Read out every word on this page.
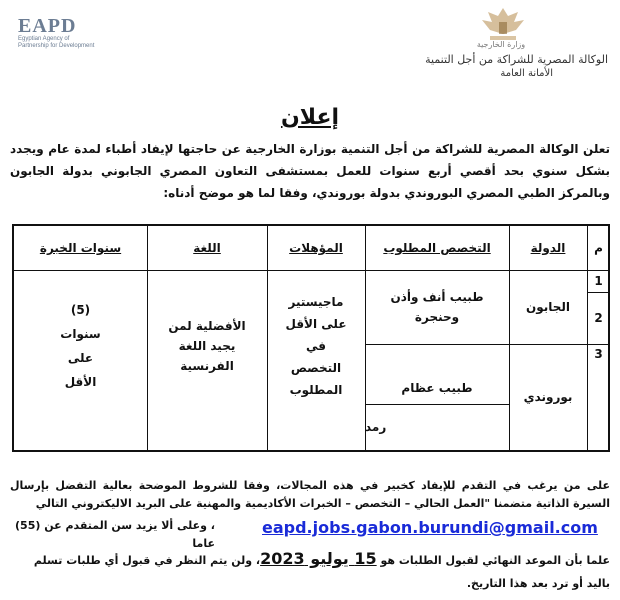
EAPD
Egyptian Agency of
Partnership for Development	وزارة الخارجية
الوكالة المصرية للشراكة من أجل التنمية
الأمانة العامة
إعلان
تعلن الوكالة المصرية للشراكة من أجل التنمية بوزارة الخارجية عن حاجتها لإيفاد أطباء لمدة عام ويجدد بشكل سنوي بحد أقصي أربع سنوات للعمل بمستشفى التعاون المصري الجابوني بدولة الجابون وبالمركز الطبي المصري البوروندي بدولة بوروندي، وفقا لما هو موضح أدناه:
م
الدولة
التخصص المطلوب
المؤهلات
اللغة
سنوات الخبرة
1
2
3
الجابون
بوروندي
طبيب أنف وأذن وحنجرة
طبيب عظام
رمد
ماجيستير على الأقل في التخصص المطلوب
الأفضلية لمن يجيد اللغة الفرنسية
(5) سنوات على الأقل
على من يرغب في التقدم للإيفاد كخبير في هذه المجالات، وفقا للشروط الموضحة بعالية التفضل بإرسال السيرة الذاتية متضمنا "العمل الحالي – التخصص – الخبرات الأكاديمية والمهنية على البريد الاليكتروني التالي
eapd.jobs.gabon.burundi@gmail.com
، وعلى ألا يزيد سن المتقدم عن (55) عاما
علما بأن الموعد النهائي لقبول الطلبات هو 15 يوليو 2023، ولن يتم النظر في قبول أي طلبات تسلم
باليد أو ترد بعد هذا التاريخ.
